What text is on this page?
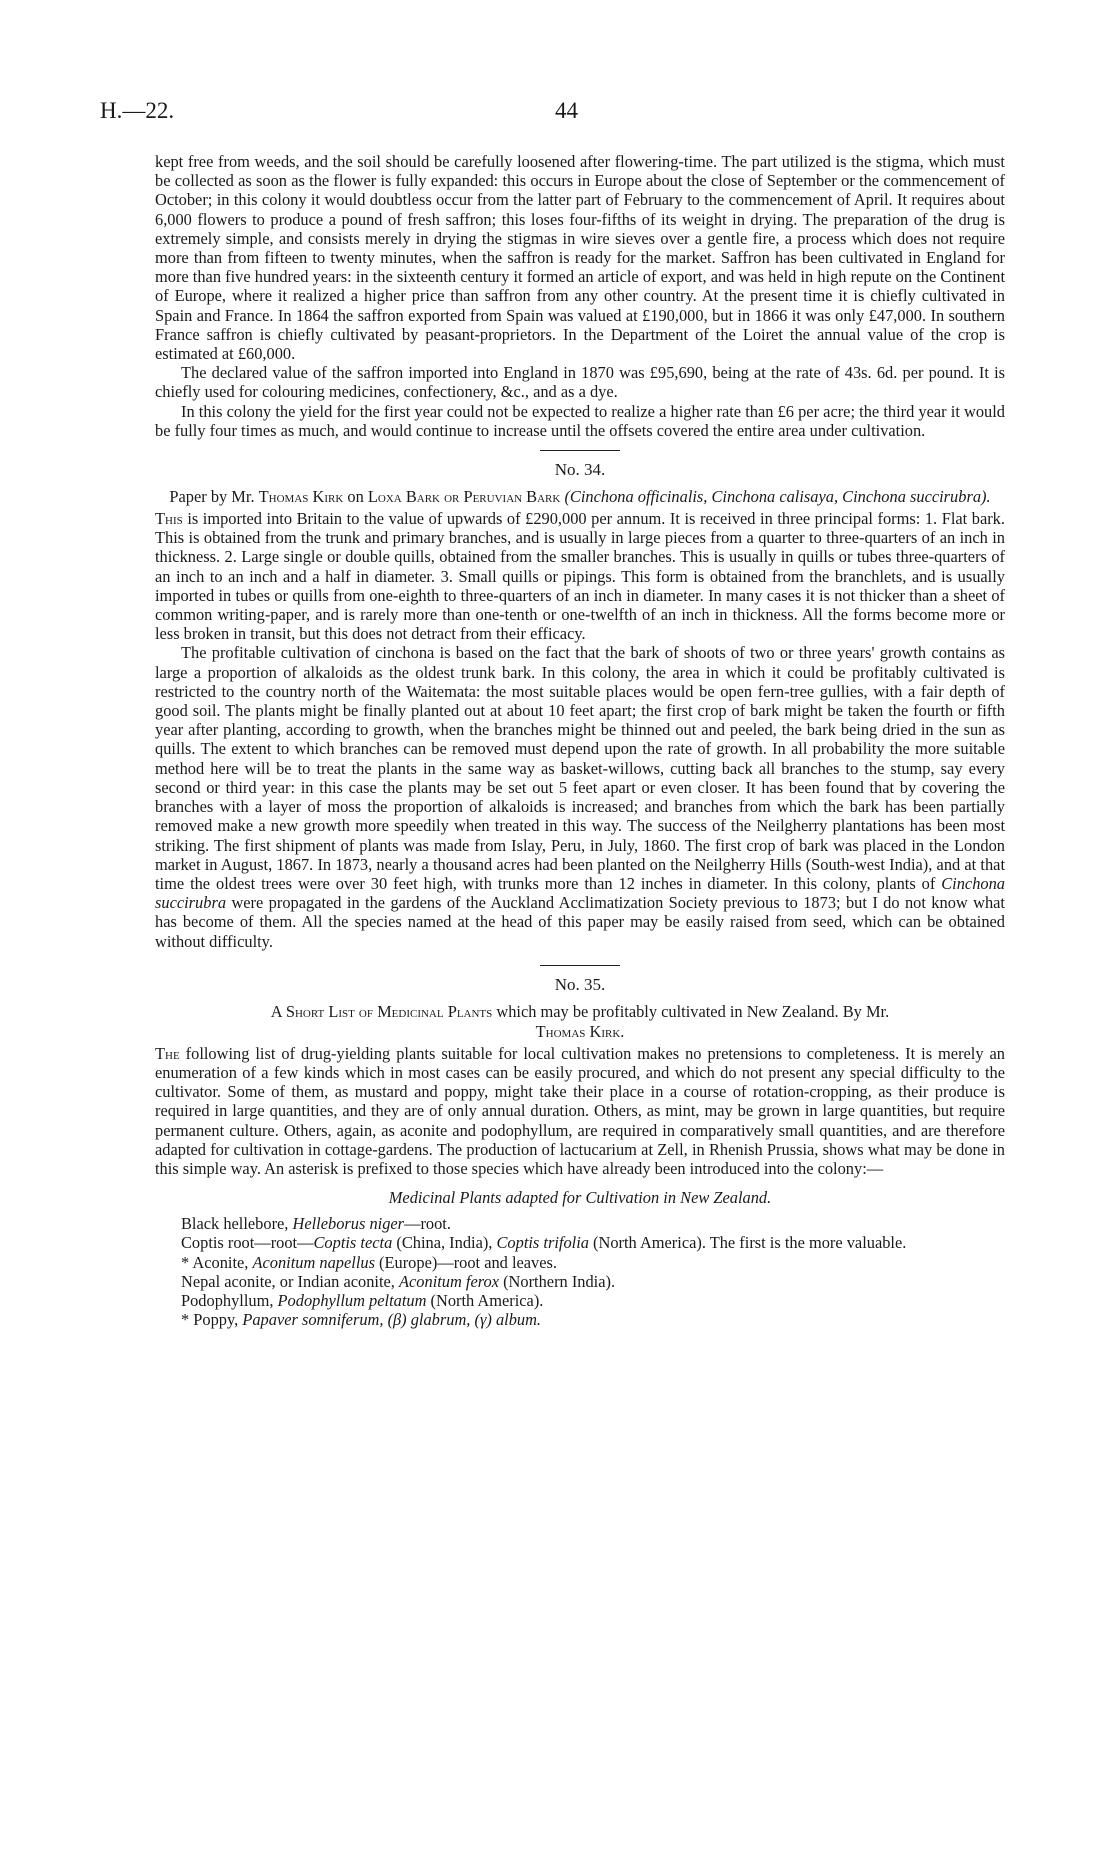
H.—22.	44

kept free from weeds, and the soil should be carefully loosened after flowering-time. The part utilized is the stigma, which must be collected as soon as the flower is fully expanded: this occurs in Europe about the close of September or the commencement of October; in this colony it would doubtless occur from the latter part of February to the commencement of April. It requires about 6,000 flowers to produce a pound of fresh saffron; this loses four-fifths of its weight in drying. The preparation of the drug is extremely simple, and consists merely in drying the stigmas in wire sieves over a gentle fire, a process which does not require more than from fifteen to twenty minutes, when the saffron is ready for the market. Saffron has been cultivated in England for more than five hundred years: in the sixteenth century it formed an article of export, and was held in high repute on the Continent of Europe, where it realized a higher price than saffron from any other country. At the present time it is chiefly cultivated in Spain and France. In 1864 the saffron exported from Spain was valued at £190,000, but in 1866 it was only £47,000. In southern France saffron is chiefly cultivated by peasant-proprietors. In the Department of the Loiret the annual value of the crop is estimated at £60,000.

The declared value of the saffron imported into England in 1870 was £95,690, being at the rate of 43s. 6d. per pound. It is chiefly used for colouring medicines, confectionery, &c., and as a dye.

In this colony the yield for the first year could not be expected to realize a higher rate than £6 per acre; the third year it would be fully four times as much, and would continue to increase until the offsets covered the entire area under cultivation.

No. 34.
Paper by Mr. Thomas Kirk on Loxa Bark or Peruvian Bark (Cinchona officinalis, Cinchona calisaya, Cinchona succirubra).

This is imported into Britain to the value of upwards of £290,000 per annum. It is received in three principal forms: 1. Flat bark. This is obtained from the trunk and primary branches, and is usually in large pieces from a quarter to three-quarters of an inch in thickness. 2. Large single or double quills, obtained from the smaller branches. This is usually in quills or tubes three-quarters of an inch to an inch and a half in diameter. 3. Small quills or pipings. This form is obtained from the branchlets, and is usually imported in tubes or quills from one-eighth to three-quarters of an inch in diameter. In many cases it is not thicker than a sheet of common writing-paper, and is rarely more than one-tenth or one-twelfth of an inch in thickness. All the forms become more or less broken in transit, but this does not detract from their efficacy.

The profitable cultivation of cinchona is based on the fact that the bark of shoots of two or three years' growth contains as large a proportion of alkaloids as the oldest trunk bark. In this colony, the area in which it could be profitably cultivated is restricted to the country north of the Waitemata: the most suitable places would be open fern-tree gullies, with a fair depth of good soil. The plants might be finally planted out at about 10 feet apart; the first crop of bark might be taken the fourth or fifth year after planting, according to growth, when the branches might be thinned out and peeled, the bark being dried in the sun as quills. The extent to which branches can be removed must depend upon the rate of growth. In all probability the more suitable method here will be to treat the plants in the same way as basket-willows, cutting back all branches to the stump, say every second or third year: in this case the plants may be set out 5 feet apart or even closer. It has been found that by covering the branches with a layer of moss the proportion of alkaloids is increased; and branches from which the bark has been partially removed make a new growth more speedily when treated in this way. The success of the Neilgherry plantations has been most striking. The first shipment of plants was made from Islay, Peru, in July, 1860. The first crop of bark was placed in the London market in August, 1867. In 1873, nearly a thousand acres had been planted on the Neilgherry Hills (South-west India), and at that time the oldest trees were over 30 feet high, with trunks more than 12 inches in diameter. In this colony, plants of Cinchona succirubra were propagated in the gardens of the Auckland Acclimatization Society previous to 1873; but I do not know what has become of them. All the species named at the head of this paper may be easily raised from seed, which can be obtained without difficulty.

No. 35.
A Short List of Medicinal Plants which may be profitably cultivated in New Zealand. By Mr.
Thomas Kirk.

The following list of drug-yielding plants suitable for local cultivation makes no pretensions to completeness. It is merely an enumeration of a few kinds which in most cases can be easily procured, and which do not present any special difficulty to the cultivator. Some of them, as mustard and poppy, might take their place in a course of rotation-cropping, as their produce is required in large quantities, and they are of only annual duration. Others, as mint, may be grown in large quantities, but require permanent culture. Others, again, as aconite and podophyllum, are required in comparatively small quantities, and are therefore adapted for cultivation in cottage-gardens. The production of lactucarium at Zell, in Rhenish Prussia, shows what may be done in this simple way. An asterisk is prefixed to those species which have already been introduced into the colony:—

Medicinal Plants adapted for Cultivation in New Zealand.

Black hellebore, Helleborus niger—root.

Coptis root—root—Coptis tecta (China, India), Coptis trifolia (North America). The first is the more valuable.

* Aconite, Aconitum napellus (Europe)—root and leaves.

Nepal aconite, or Indian aconite, Aconitum ferox (Northern India).

Podophyllum, Podophyllum peltatum (North America).

* Poppy, Papaver somniferum, (β) glabrum, (γ) album.
